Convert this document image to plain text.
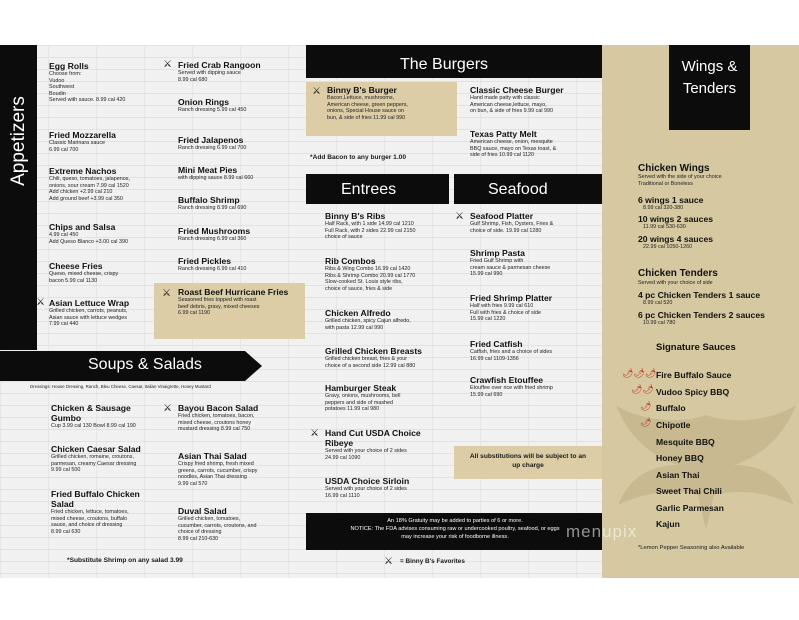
Appetizers
Egg Rolls
Choose from:
Vudoo
Southwest
Boudin
Served with sauce. 8.99 cal 420
Fried Mozzarella
Classic Marinara sauce
6.99 cal 700
Extreme Nachos
Chili, queso, tomatoes, jalapenos,
onions, sour cream 7.99 cal 1520
Add chicken +2.99 cal 210
Add ground beef +3.99 cal 350
Chips and Salsa
4.99 cal 450
Add Queso Blanco +3.00 cal 390
Cheese Fries
Queso, mixed cheese, crispy
bacon 5.99 cal 1130
⚔ Asian Lettuce Wrap
Grilled chicken, carrots, peanuts,
Asian sauce with lettuce wedges
7.99 cal 440
⚔ Fried Crab Rangoon
Served with dipping sauce
8.99 cal 680
Onion Rings
Ranch dressing 5.99 cal 450
Fried Jalapenos
Ranch dressing 6.99 cal 700
Mini Meat Pies
with dipping sauce 8.99 cal 660
Buffalo Shrimp
Ranch dressing 8.99 cal 690
Fried Mushrooms
Ranch dressing 6.99 cal 360
Fried Pickles
Ranch dressing 6.99 cal 410
⚔ Roast Beef Hurricane Fries
Seasoned fries topped with roast
beef debris, gravy, mixed cheeses
6.99 cal 1190
Soups & Salads
Dressings: House Dressing, Ranch, Bleu Cheese, Caesar, Italian Vinaigrette, Honey Mustard
Chicken & Sausage Gumbo
Cup 3.99 cal 130 Bowl 8.99 cal 190
Chicken Caesar Salad
Grilled chicken, romaine, croutons,
parmesan, creamy Caesar dressing
9.99 cal 500
Fried Buffalo Chicken Salad
Fried chicken, lettuce, tomatoes,
mixed cheese, croutons, buffalo
sauce, and choice of dressing
8.99 cal 630
⚔ Bayou Bacon Salad
Fried chicken, tomatoes, bacon,
mixed cheese, croutons honey
mustard dressing 8.99 cal 750
Asian Thai Salad
Crispy fried shrimp, fresh mixed
greens, carrots, cucumber, crispy
noodles, Asian Thai dressing
9.99 cal 570
Duval Salad
Grilled chicken, tomatoes,
cucumber, carrots, croutons, and
choice of dressing
8.99 cal 210-630
*Substitute Shrimp on any salad 3.99
The Burgers
⚔ Binny B's Burger
Bacon,Lettuce, mushrooms,
American cheese, green peppers,
onions, Special House sauce on
bun, & side of fries 11.99 cal 990
Classic Cheese Burger
Hand made patty with classic
American cheese,lettuce, mayo,
on bun, & side of fries 9.99 cal 990
Texas Patty Melt
American cheese, onion, mesquite
BBQ sauce, mayo on Texas toast, &
side of fries 10.99 cal 1120
*Add Bacon to any burger 1.00
Entrees
Binny B's Ribs
Half Rack, with 1 side 14.99 cal 1210
Full Rack, with 2 sides 22.99 cal 2150
choice of sauce
Rib Combos
Ribs & Wing Combo 16.99 cal 1420
Ribs & Shrimp Combo 20.99 cal 1770
Slow-cooked St. Louis style ribs,
choice of sauce, fries & side
Chicken Alfredo
Grilled chicken, spicy Cajun alfredo,
with pasta 12.99 cal 990
Grilled Chicken Breasts
Grilled chicken breast, fries & your
choice of a second side 12.99 cal 880
Hamburger Steak
Gravy, onions, mushrooms, bell
peppers and side of mashed
potatoes 11.99 cal 980
⚔ Hand Cut USDA Choice Ribeye
Served with your choice of 2 sides
24.99 cal 1090
USDA Choice Sirloin
Served with your choice of 2 sides
16.99 cal 1110
Seafood
⚔ Seafood Platter
Gulf Shrimp, Fish, Oysters, Fries &
choice of side. 19.99 cal 1280
Shrimp Pasta
Fried Gulf Shrimp with
cream sauce & parmesan cheese
15.99 cal 990
Fried Shrimp Platter
Half with fries 9.99 cal 610
Full with fries & choice of side
15.99 cal 1220
Fried Catfish
Catfish, fries and a choice of sides
16.99 cal 1109-1356
Crawfish Etouffee
Etouffee over rice with fried shrimp
15.99 cal 690
All substitutions will be subject to an up charge
An 18% Gratuity may be added to parties of 6 or more.
NOTICE: The FDA advises consuming raw or undercooked poultry, seafood, or eggs
may increase your risk of foodborne illness.
⚔ = Binny B's Favorites
Wings & Tenders
Chicken Wings
Served with the side of your choice
Traditional or Boneless
6 wings 1 sauce
8.99 cal 320-380
10 wings 2 sauces
11.99 cal 530-630
20 wings 4 sauces
22.99 cal 1050-1260
Chicken Tenders
Served with your choice of side
4 pc Chicken Tenders 1 sauce
8.99 cal 520
6 pc Chicken Tenders 2 sauces
10.99 cal 780
Signature Sauces
🌶🌶🌶
🌶🌶
🌶
🌶
Fire Buffalo Sauce
Vudoo Spicy BBQ
Buffalo
Chipotle
Mesquite BBQ
Honey BBQ
Asian Thai
Sweet Thai Chili
Garlic Parmesan
Kajun
*Lemon Pepper Seasoning also Available
menupix
